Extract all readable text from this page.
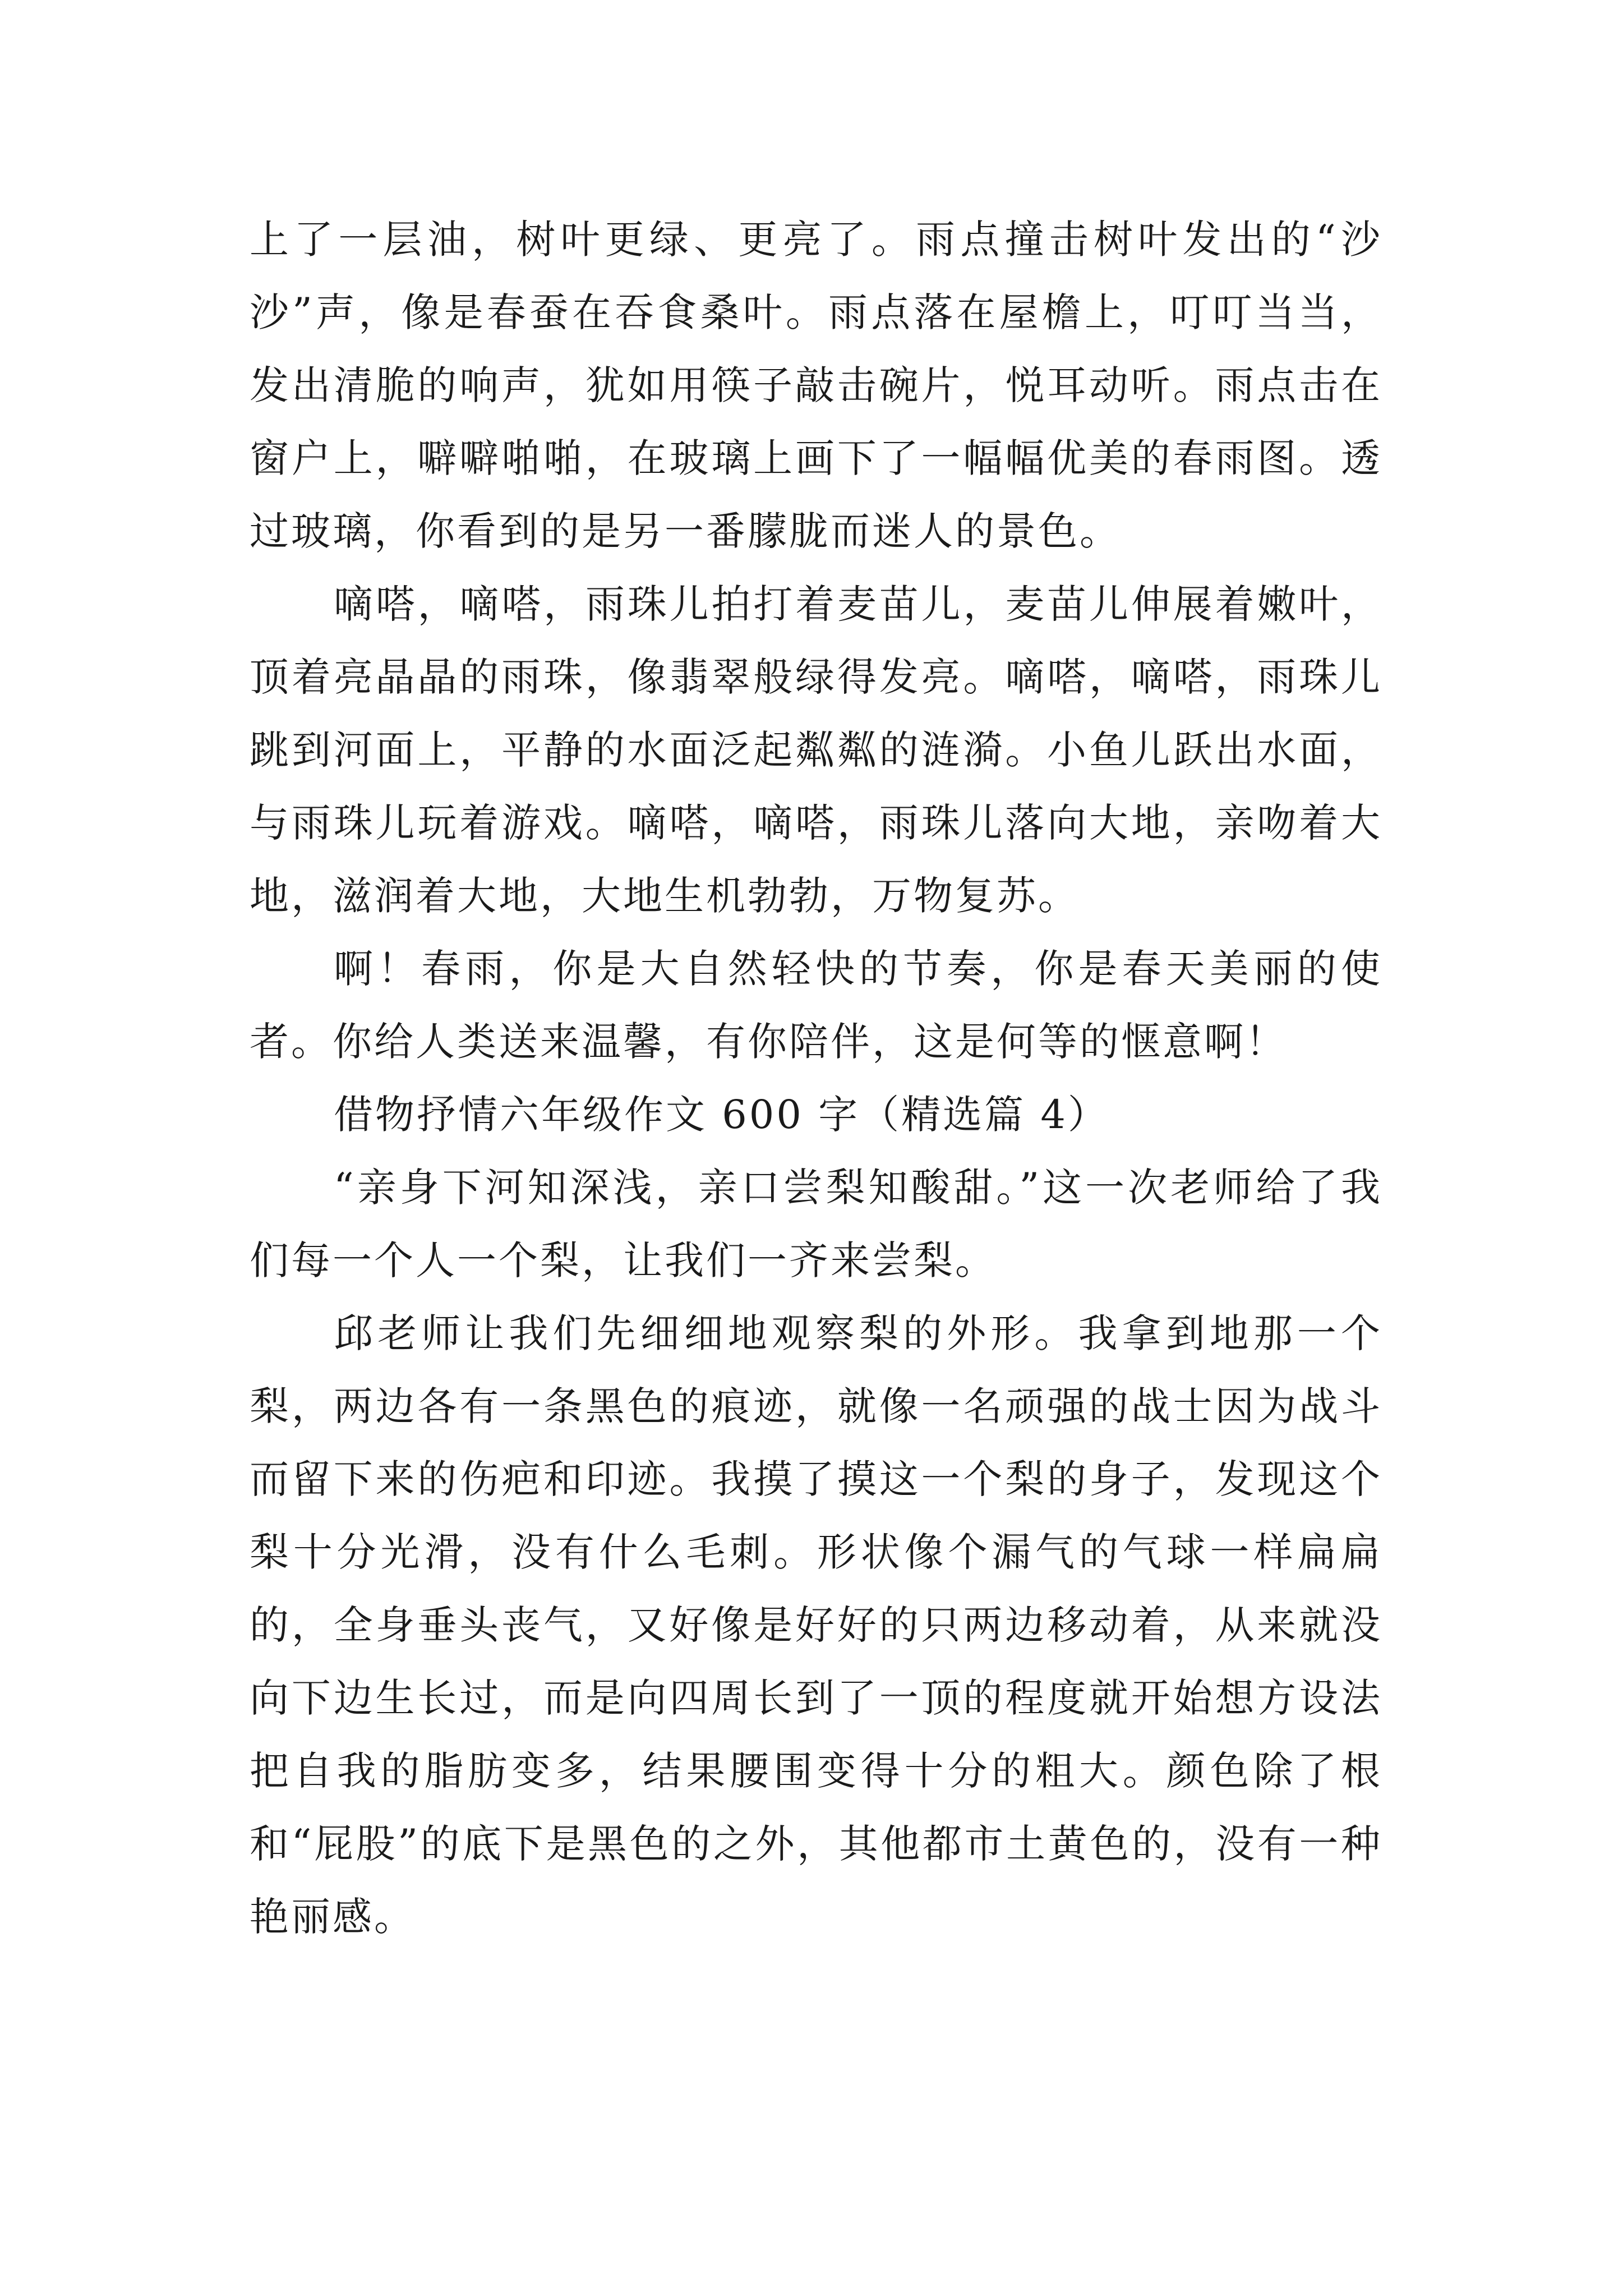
上了一层油，树叶更绿、更亮了。雨点撞击树叶发出的“沙沙”声，像是春蚕在吞食桑叶。雨点落在屋檐上，叮叮当当，发出清脆的响声，犹如用筷子敲击碗片，悦耳动听。雨点击在窗户上，噼噼啪啪，在玻璃上画下了一幅幅优美的春雨图。透过玻璃，你看到的是另一番朦胧而迷人的景色。

嘀嗒，嘀嗒，雨珠儿拍打着麦苗儿，麦苗儿伸展着嫩叶，顶着亮晶晶的雨珠，像翡翠般绿得发亮。嘀嗒，嘀嗒，雨珠儿跳到河面上，平静的水面泛起粼粼的涟漪。小鱼儿跃出水面，与雨珠儿玩着游戏。嘀嗒，嘀嗒，雨珠儿落向大地，亲吻着大地，滋润着大地，大地生机勃勃，万物复苏。

啊！春雨，你是大自然轻快的节奏，你是春天美丽的使者。你给人类送来温馨，有你陪伴，这是何等的惬意啊！

借物抒情六年级作文 600 字（精选篇 4）

“亲身下河知深浅，亲口尝梨知酸甜。”这一次老师给了我们每一个人一个梨，让我们一齐来尝梨。

邱老师让我们先细细地观察梨的外形。我拿到地那一个梨，两边各有一条黑色的痕迹，就像一名顽强的战士因为战斗而留下来的伤疤和印迹。我摸了摸这一个梨的身子，发现这个梨十分光滑，没有什么毛刺。形状像个漏气的气球一样扁扁的，全身垂头丧气，又好像是好好的只两边移动着，从来就没向下边生长过，而是向四周长到了一顶的程度就开始想方设法把自我的脂肪变多，结果腰围变得十分的粗大。颜色除了根和“屁股”的底下是黑色的之外，其他都市土黄色的，没有一种艳丽感。
